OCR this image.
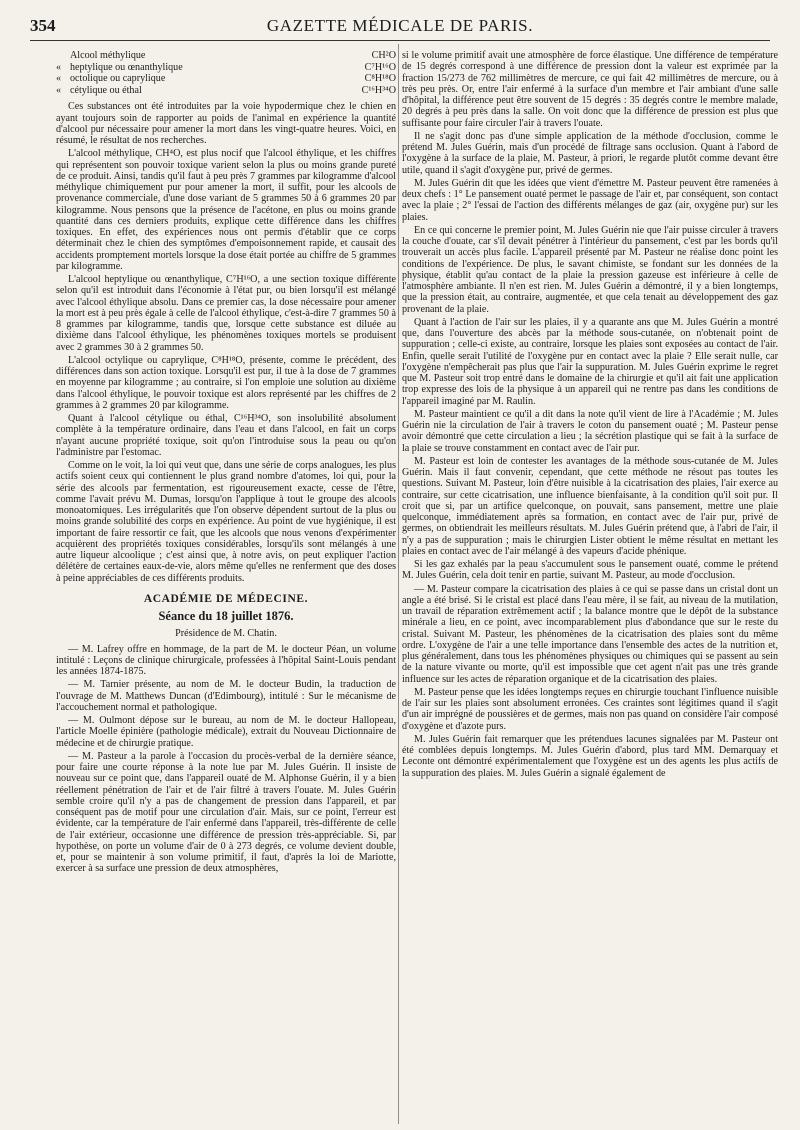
354	GAZETTE MÉDICALE DE PARIS.
	Alcool méthylique	CH²O
«	heptylique ou œnanthylique	C⁷H¹⁶O
«	octolique ou caprylique	C⁸H¹⁸O
«	cétylique ou éthal	C¹⁶H³⁴O

Ces substances ont été introduites par la voie hypodermique chez le chien en ayant toujours soin de rapporter au poids de l'animal en expérience la quantité d'alcool pur nécessaire pour amener la mort dans les vingt-quatre heures. Voici, en résumé, le résultat de nos recherches.

L'alcool méthylique, CH⁴O, est plus nocif que l'alcool éthylique, et les chiffres qui représentent son pouvoir toxique varient selon la plus ou moins grande pureté de ce produit. Ainsi, tandis qu'il faut à peu près 7 grammes par kilogramme d'alcool méthylique chimiquement pur pour amener la mort, il suffit, pour les alcools de provenance commerciale, d'une dose variant de 5 grammes 50 à 6 grammes 20 par kilogramme. Nous pensons que la présence de l'acétone, en plus ou moins grande quantité dans ces derniers produits, explique cette différence dans les chiffres toxiques. En effet, des expériences nous ont permis d'établir que ce corps déterminait chez le chien des symptômes d'empoisonnement rapide, et causait des accidents promptement mortels lorsque la dose était portée au chiffre de 5 grammes par kilogramme.

L'alcool heptylique ou œnanthylique, C⁷H¹⁶O, a une section toxique différente selon qu'il est introduit dans l'économie à l'état pur, ou bien lorsqu'il est mélangé avec l'alcool éthylique absolu. Dans ce premier cas, la dose nécessaire pour amener la mort est à peu près égale à celle de l'alcool éthylique, c'est-à-dire 7 grammes 50 à 8 grammes par kilogramme, tandis que, lorsque cette substance est diluée au dixième dans l'alcool éthylique, les phénomènes toxiques mortels se produisent avec 2 grammes 30 à 2 grammes 50.

L'alcool octylique ou caprylique, C⁸H¹⁸O, présente, comme le précédent, des différences dans son action toxique. Lorsqu'il est pur, il tue à la dose de 7 grammes en moyenne par kilogramme ; au contraire, si l'on emploie une solution au dixième dans l'alcool éthylique, le pouvoir toxique est alors représenté par les chiffres de 2 grammes à 2 grammes 20 par kilogramme.

Quant à l'alcool cétylique ou éthal, C¹⁶H³⁴O, son insolubilité absolument complète à la température ordinaire, dans l'eau et dans l'alcool, en fait un corps n'ayant aucune propriété toxique, soit qu'on l'introduise sous la peau ou qu'on l'administre par l'estomac.

Comme on le voit, la loi qui veut que, dans une série de corps analogues, les plus actifs soient ceux qui contiennent le plus grand nombre d'atomes, loi qui, pour la série des alcools par fermentation, est rigoureusement exacte, cesse de l'être, comme l'avait prévu M. Dumas, lorsqu'on l'applique à tout le groupe des alcools monoatomiques. Les irrégularités que l'on observe dépendent surtout de la plus ou moins grande solubilité des corps en expérience. Au point de vue hygiénique, il est important de faire ressortir ce fait, que les alcools que nous venons d'expérimenter acquièrent des propriétés toxiques considérables, lorsqu'ils sont mélangés à une autre liqueur alcoolique ; c'est ainsi que, à notre avis, on peut expliquer l'action délétère de certaines eaux-de-vie, alors même qu'elles ne renferment que des doses à peine appréciables de ces différents produits.

ACADÉMIE DE MÉDECINE.
Séance du 18 juillet 1876.
Présidence de M. Chatin.

— M. Lafrey offre en hommage, de la part de M. le docteur Péan, un volume intitulé : Leçons de clinique chirurgicale, professées à l'hôpital Saint-Louis pendant les années 1874-1875.

— M. Tarnier présente, au nom de M. le docteur Budin, la traduction de l'ouvrage de M. Matthews Duncan (d'Edimbourg), intitulé : Sur le mécanisme de l'accouchement normal et pathologique.

— M. Oulmont dépose sur le bureau, au nom de M. le docteur Hallopeau, l'article Moelle épinière (pathologie médicale), extrait du Nouveau Dictionnaire de médecine et de chirurgie pratique.

— M. Pasteur a la parole à l'occasion du procès-verbal de la dernière séance, pour faire une courte réponse à la note lue par M. Jules Guérin. Il insiste de nouveau sur ce point que, dans l'appareil ouaté de M. Alphonse Guérin, il y a bien réellement pénétration de l'air et de l'air filtré à travers l'ouate. M. Jules Guérin semble croire qu'il n'y a pas de changement de pression dans l'appareil, et par conséquent pas de motif pour une circulation d'air. Mais, sur ce point, l'erreur est évidente, car la température de l'air enfermé dans l'appareil, très-différente de celle de l'air extérieur, occasionne une différence de pression très-appréciable. Si, par hypothèse, on porte un volume d'air de 0 à 273 degrés, ce volume devient double, et, pour se maintenir à son volume primitif, il faut, d'après la loi de Mariotte, exercer à sa surface une pression de deux atmosphères,

si le volume primitif avait une atmosphère de force élastique. Une différence de température de 15 degrés correspond à une différence de pression dont la valeur est exprimée par la fraction 15/273 de 762 millimètres de mercure, ce qui fait 42 millimètres de mercure, ou à très peu près. Or, entre l'air enfermé à la surface d'un membre et l'air ambiant d'une salle d'hôpital, la différence peut être souvent de 15 degrés : 35 degrés contre le membre malade, 20 degrés à peu près dans la salle. On voit donc que la différence de pression est plus que suffisante pour faire circuler l'air à travers l'ouate.

Il ne s'agit donc pas d'une simple application de la méthode d'occlusion, comme le prétend M. Jules Guérin, mais d'un procédé de filtrage sans occlusion. Quant à l'abord de l'oxygène à la surface de la plaie, M. Pasteur, à priori, le regarde plutôt comme devant être utile, quand il s'agit d'oxygène pur, privé de germes.

M. Jules Guérin dit que les idées que vient d'émettre M. Pasteur peuvent être ramenées à deux chefs : 1° Le pansement ouaté permet le passage de l'air et, par conséquent, son contact avec la plaie ; 2° l'essai de l'action des différents mélanges de gaz (air, oxygène pur) sur les plaies.

En ce qui concerne le premier point, M. Jules Guérin nie que l'air puisse circuler à travers la couche d'ouate, car s'il devait pénétrer à l'intérieur du pansement, c'est par les bords qu'il trouverait un accès plus facile. L'appareil présenté par M. Pasteur ne réalise donc point les conditions de l'expérience. De plus, le savant chimiste, se fondant sur les données de la physique, établit qu'au contact de la plaie la pression gazeuse est inférieure à celle de l'atmosphère ambiante. Il n'en est rien. M. Jules Guérin a démontré, il y a bien longtemps, que la pression était, au contraire, augmentée, et que cela tenait au développement des gaz provenant de la plaie.

Quant à l'action de l'air sur les plaies, il y a quarante ans que M. Jules Guérin a montré que, dans l'ouverture des abcès par la méthode sous-cutanée, on n'obtenait point de suppuration ; celle-ci existe, au contraire, lorsque les plaies sont exposées au contact de l'air. Enfin, quelle serait l'utilité de l'oxygène pur en contact avec la plaie ? Elle serait nulle, car l'oxygène n'empêcherait pas plus que l'air la suppuration. M. Jules Guérin exprime le regret que M. Pasteur soit trop entré dans le domaine de la chirurgie et qu'il ait fait une application trop expresse des lois de la physique à un appareil qui ne rentre pas dans les conditions de l'appareil imaginé par M. Raulin.

M. Pasteur maintient ce qu'il a dit dans la note qu'il vient de lire à l'Académie ; M. Jules Guérin nie la circulation de l'air à travers le coton du pansement ouaté ; M. Pasteur pense avoir démontré que cette circulation a lieu ; la sécrétion plastique qui se fait à la surface de la plaie se trouve constamment en contact avec de l'air pur.

M. Pasteur est loin de contester les avantages de la méthode sous-cutanée de M. Jules Guérin. Mais il faut convenir, cependant, que cette méthode ne résout pas toutes les questions. Suivant M. Pasteur, loin d'être nuisible à la cicatrisation des plaies, l'air exerce au contraire, sur cette cicatrisation, une influence bienfaisante, à la condition qu'il soit pur. Il croit que si, par un artifice quelconque, on pouvait, sans pansement, mettre une plaie quelconque, immédiatement après sa formation, en contact avec de l'air pur, privé de germes, on obtiendrait les meilleurs résultats. M. Jules Guérin prétend que, à l'abri de l'air, il n'y a pas de suppuration ; mais le chirurgien Lister obtient le même résultat en mettant les plaies en contact avec de l'air mélangé à des vapeurs d'acide phénique.

Si les gaz exhalés par la peau s'accumulent sous le pansement ouaté, comme le prétend M. Jules Guérin, cela doit tenir en partie, suivant M. Pasteur, au mode d'occlusion.

— M. Pasteur compare la cicatrisation des plaies à ce qui se passe dans un cristal dont un angle a été brisé. Si le cristal est placé dans l'eau mère, il se fait, au niveau de la mutilation, un travail de réparation extrêmement actif ; la balance montre que le dépôt de la substance minérale a lieu, en ce point, avec incomparablement plus d'abondance que sur le reste du cristal. Suivant M. Pasteur, les phénomènes de la cicatrisation des plaies sont du même ordre. L'oxygène de l'air a une telle importance dans l'ensemble des actes de la nutrition et, plus généralement, dans tous les phénomènes physiques ou chimiques qui se passent au sein de la nature vivante ou morte, qu'il est impossible que cet agent n'ait pas une très grande influence sur les actes de réparation organique et de la cicatrisation des plaies.

M. Pasteur pense que les idées longtemps reçues en chirurgie touchant l'influence nuisible de l'air sur les plaies sont absolument erronées. Ces craintes sont légitimes quand il s'agit d'un air imprégné de poussières et de germes, mais non pas quand on considère l'air composé d'oxygène et d'azote purs.

M. Jules Guérin fait remarquer que les prétendues lacunes signalées par M. Pasteur ont été comblées depuis longtemps. M. Jules Guérin d'abord, plus tard MM. Demarquay et Leconte ont démontré expérimentalement que l'oxygène est un des agents les plus actifs de la suppuration des plaies. M. Jules Guérin a signalé également de
